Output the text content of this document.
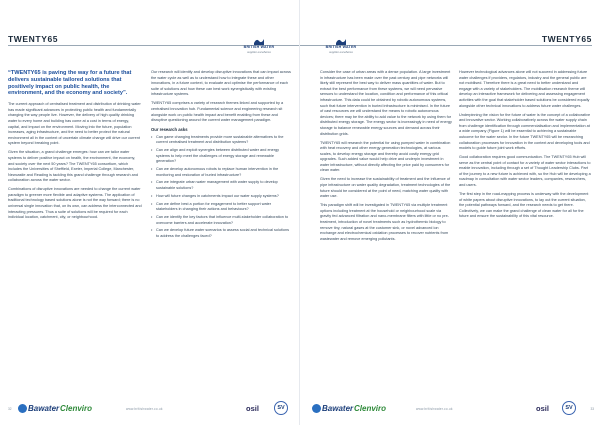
TWENTY65
BRITISH WATER
supplier excellence

“TWENTY65 is paving the way for a future that delivers sustainable tailored solutions that positively impact on public health, the environment, and the economy and society”.

The current approach of centralised treatment and distribution of drinking water has made significant advances in protecting public health and fundamentally changing the way people live. However, the delivery of high quality drinking water to every home and building has come at a cost in terms of energy, capital, and impact on the environment. Moving into the future, population increases, aging infrastructure, and the need to better protect the natural environment all in the context of uncertain climate change will drive our current system beyond breaking point.

Given the situation, a grand challenge emerges: how can we tailor water systems to deliver positive impact on health, the environment, the economy, and society over the next 50 years? The TWENTY65 consortium, which includes the Universities of Sheffield, Exeter, Imperial College, Manchester, Newcastle and Reading is tackling this grand challenge through research and collaboration across the water sector.

Combinations of disruptive innovations are needed to change the current water paradigm to greener more flexible and adaptive systems. The application of traditional technology based solutions alone is not the way forward; there is no universal single innovation that, on its own, can address the interconnected and interacting pressures. Thus a suite of solutions will be required for each individual location, catchment, city, or neighbourhood.

Our research will identify and develop disruptive innovations that can impact across the water cycle as well as to understand how to integrate these and other innovations, in a future context, to evaluate and optimise the performance of each suite of solutions and how these can best work synergistically with existing infrastructure systems.

TWENTY65 comprises a variety of research themes linked and supported by a centralised innovation hub. Fundamental science and engineering research sit alongside work on public health impact and benefit enabling from these and disruptive questioning around the current water management paradigm.

Our research asks

• Can game changing treatments provide more sustainable alternatives to the current centralised treatment and distribution systems?
• Can we align and exploit synergies between distributed water and energy systems to help meet the challenges of energy storage and renewable generation?
• Can we develop autonomous robots to replace human intervention in the monitoring and restoration of buried infrastructure?
• Can we integrate urban water management with water supply to develop sustainable solutions?
• How will future changes in catchments impact our water supply systems?
• Can we define best a portion for engagement to better support water stakeholders in changing their actions and behaviours?
• Can we identify the key factors that influence multi-stakeholder collaboration to overcome barriers and accelerate innovation?
• Can we develop future water scenarios to assess social and technical solutions to address the challenges faced?
32 Bawater Clenviro	www.britishwater.co.uk	osil	SV
TWENTY65
BRITISH WATER
supplier excellence

Consider the case of urban areas with a dense population. A large investment in infrastructure has been made over the past century and pipe networks will likely still represent the best way to deliver mass quantities of water. But to extract the best performance from these systems, we will need pervasive sensors to understand the location, condition and performance of this critical infrastructure. This data could be obtained by robotic autonomous systems, such that future intervention in buried infrastructure is minimised. In the future of cast resources we will understand the means to robotic autonomous devices; there may be the ability to add value to the network by using them for distributed energy storage. The energy sector is increasingly in need of energy storage to balance renewable energy sources and demand across their distribution grids.

TWENTY65 will research the potential for using pumped water in combination with heat recovery and other energy generation technologies, at various scales, to develop energy storage and thereby avoid costly energy grid upgrades. Such added value would help drive and underpin investment in water infrastructure, without directly affecting the price paid by consumers for clean water.

Given the need to increase the sustainability of treatment and the influence of pipe infrastructure on water quality degradation, treatment technologies of the future should be considered at the point of need, matching water quality with water use.

This paradigm shift will be investigated in TWENTY65 via multiple treatment options including treatment at the household or neighbourhood scale via gravity fed advanced filtration and nano-membrane filters with little or no pre-treatment, introduction of novel treatments such as hydrothermic biology to remove tiny, natural gases at the customer sink, or novel advanced ion exchange and electrochemical oxidation processes to recover nutrients from wastewater and remove emerging pollutants.

However technological advances alone will not succeed in addressing future water challenges if providers, regulators, industry and the general public are not mobilised. Therefore there is a great need to better understand and engage with a variety of stakeholders. The mobilisation research theme will develop an interactive framework for delivering and assessing engagement activities with the goal that stakeholder based solutions be considered equally alongside other technical innovations to address future water challenges.

Underpinning the vision for the future of water is the concept of a collaborative and innovative sector. Working collaboratively across the water supply chain from challenge identification through commercialisation and implementation at a wide company (Figure 1) will be essential to achieving a sustainable outcome for the water sector. In the future TWENTY65 will be researching collaboration processes for innovation in the context and developing tools and models to guide future joint work efforts.

Good collaboration requires good communication. The TWENTY65 Hub will serve as the central point of contact for a variety of water sector interactions to enable innovation, including through a set of Thought Leadership Clubs. Part of the journey to a new future is achieved with, so the Hub will be developing a roadmap in consultation with water sector leaders, companies, researchers, and users.

The first step in the road-mapping process is underway with the development of white papers about disruptive innovations, to lay out the current situation, the potential pathways forward, and the research needs to get there. Collectively, we can make the grand challenge of clean water for all for the future and ensure the sustainability of this vital resource.

Bawater Clenviro	www.britishwater.co.uk	osil	SV	33
